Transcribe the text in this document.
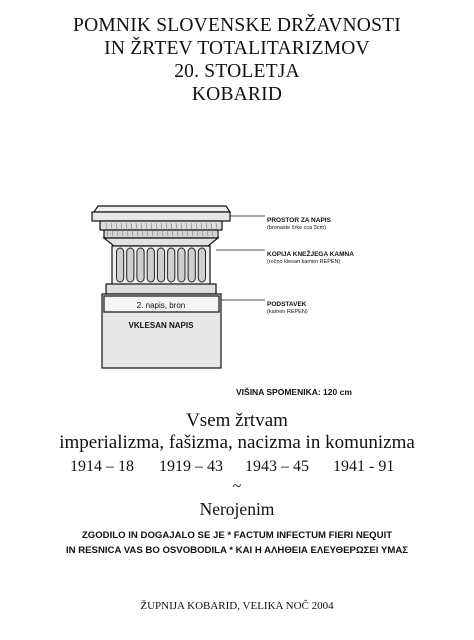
POMNIK SLOVENSKE DRŽAVNOSTI
IN ŽRTEV TOTALITARIZMOV
20. STOLETJA
KOBARID
2. napis, bron
VKLESAN NAPIS
PROSTOR ZA NAPIS
(bronaste črke cca 3cm)
KOPIJA KNEŽJEGA KAMNA
(ročno klesan kamen REPEN)
PODSTAVEK
(kamen REPEN)
VIŠINA SPOMENIKA: 120 cm
Vsem žrtvam
imperializma, fašizma, nacizma in komunizma
1914 – 18 1919 – 43 1943 – 45 1941 - 91
~
Nerojenim
ZGODILO IN DOGAJALO SE JE * FACTUM INFECTUM FIERI NEQUIT
IN RESNICA VAS BO OSVOBODILA * ΚΑΙ Η ΑΛΗΘΕΙΑ ΕΛΕΥΘΕΡΩΣΕΙ ΥΜΑΣ
ŽUPNIJA KOBARID, VELIKA NOČ 2004
